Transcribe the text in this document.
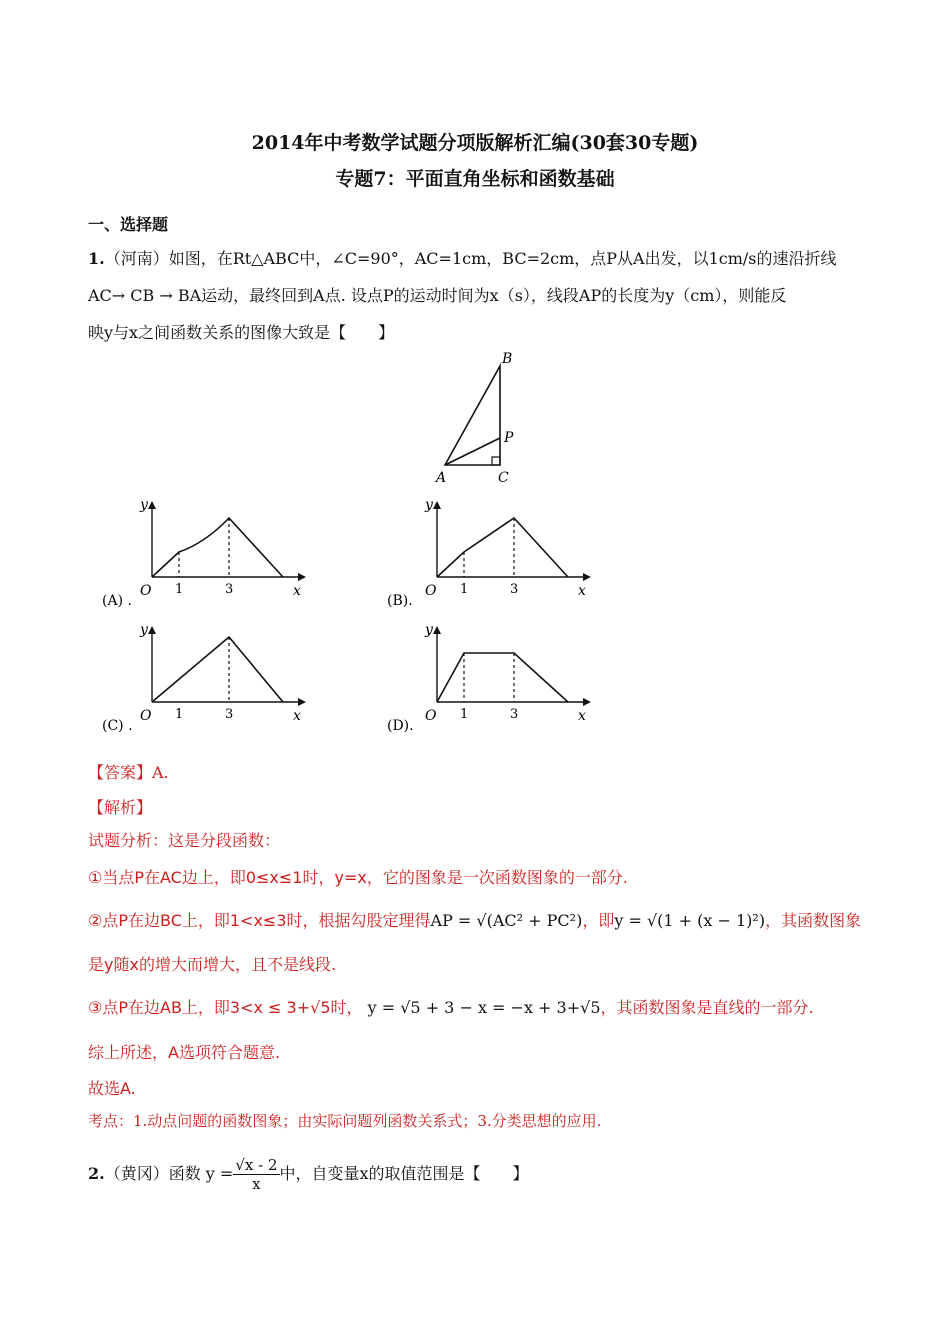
2014年中考数学试题分项版解析汇编(30套30专题)
专题7：平面直角坐标和函数基础
一、选择题
1.（河南）如图，在Rt△ABC中，∠C=90°，AC=1cm，BC=2cm，点P从A出发，以1cm/s的速沿折线
AC→ CB → BA运动，最终回到A点. 设点P的运动时间为x（s），线段AP的长度为y（cm），则能反
映y与x之间函数关系的图像大致是【　　】
B
P
A	C
y
x
O 1	3
(A) .
y
x
O 1	3
(B).
y
x
O 1	3
(C) .
y
x
O 1	3
(D).
【答案】A.
【解析】
试题分析：这是分段函数：
①当点P在AC边上，即0≤x≤1时，y=x，它的图象是一次函数图象的一部分.
②点P在边BC上，即1<x≤3时，根据勾股定理得AP = √(AC² + PC²)，即y = √(1 + (x − 1)²)，其函数图象
是y随x的增大而增大，且不是线段.
③点P在边AB上，即3<x ≤ 3+√5时， y = √5 + 3 − x = −x + 3+√5，其函数图象是直线的一部分.
综上所述，A选项符合题意.
故选A.
考点：1.动点问题的函数图象；由实际问题列函数关系式；3.分类思想的应用.
2.（黄冈）函数 $y = \frac{√x - 2}{x}$ 中，自变量x的取值范围是【　　】
